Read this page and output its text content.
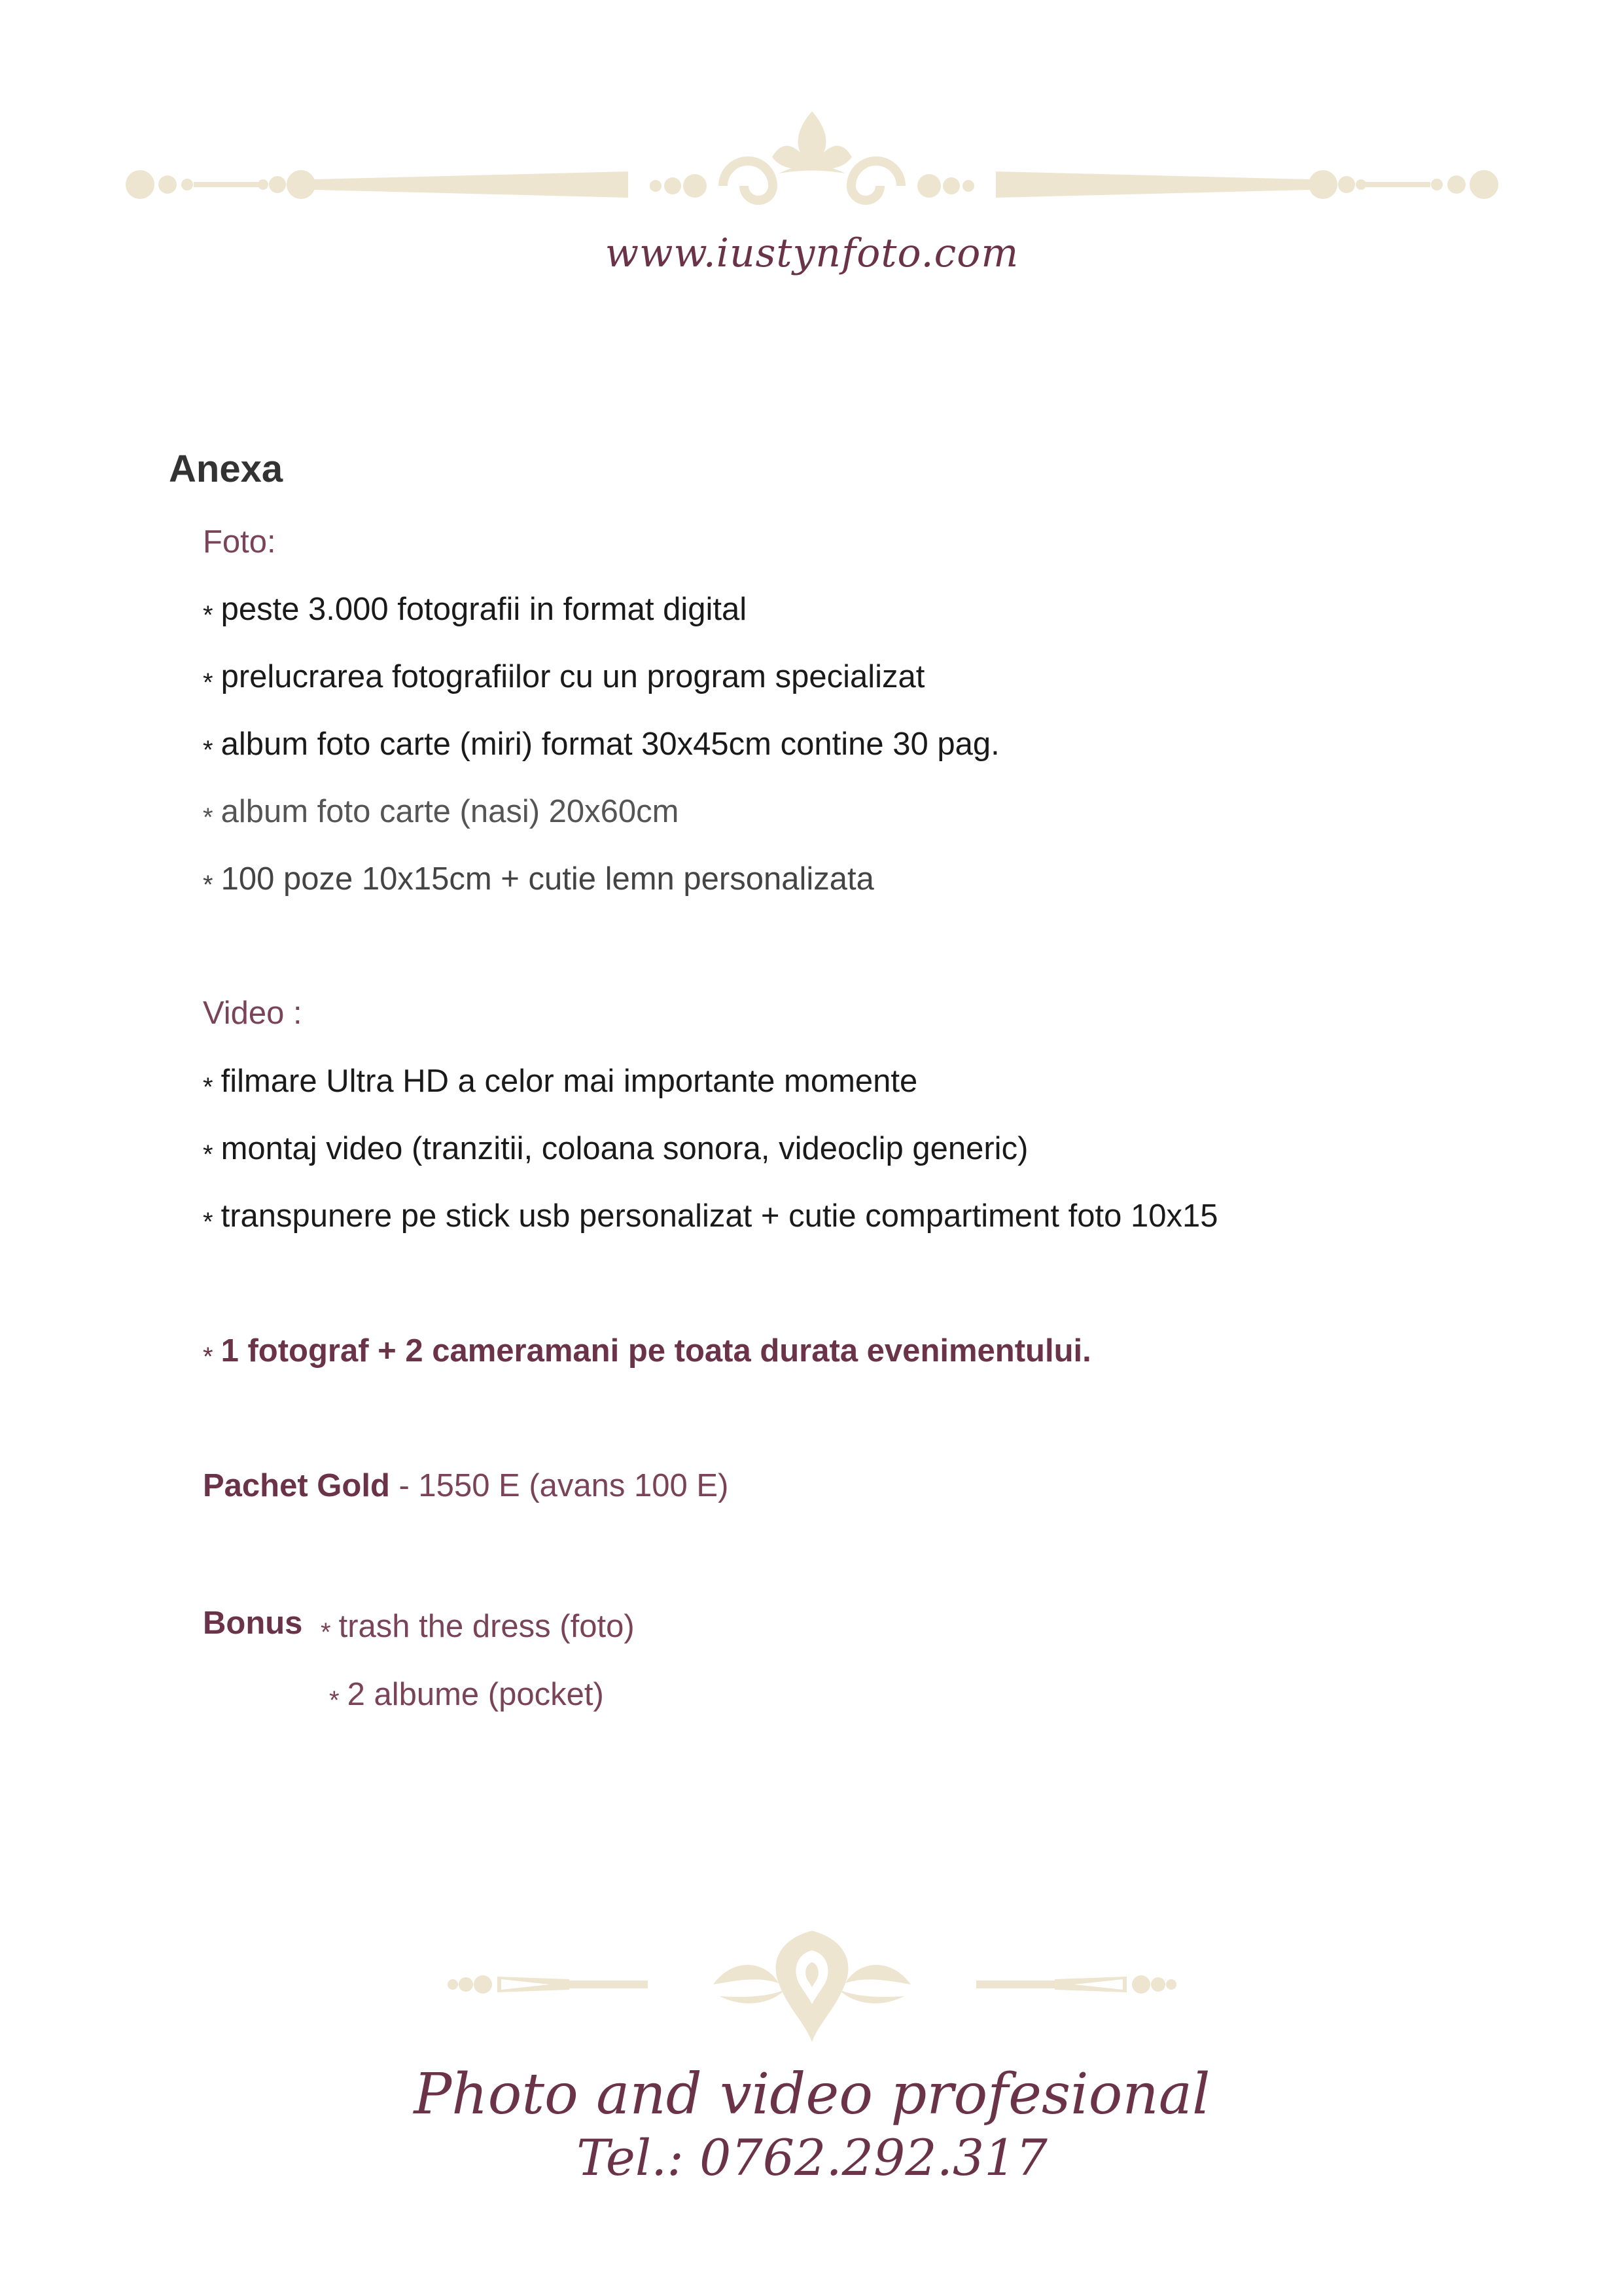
www.iustynfoto.com
Anexa
Foto:
* peste 3.000 fotografii in format digital
* prelucrarea fotografiilor cu un program specializat
* album foto carte (miri) format 30x45cm contine 30 pag.
* album foto carte (nasi) 20x60cm
* 100 poze 10x15cm + cutie lemn personalizata
Video :
* filmare Ultra HD a celor mai importante momente
* montaj video (tranzitii, coloana sonora, videoclip generic)
* transpunere pe stick usb personalizat + cutie compartiment foto 10x15
* 1 fotograf + 2 cameramani pe toata durata evenimentului.
Pachet Gold - 1550 E (avans 100 E)
Bonus * trash the dress (foto)
* 2 albume (pocket)
Photo and video profesional
Tel.: 0762.292.317
